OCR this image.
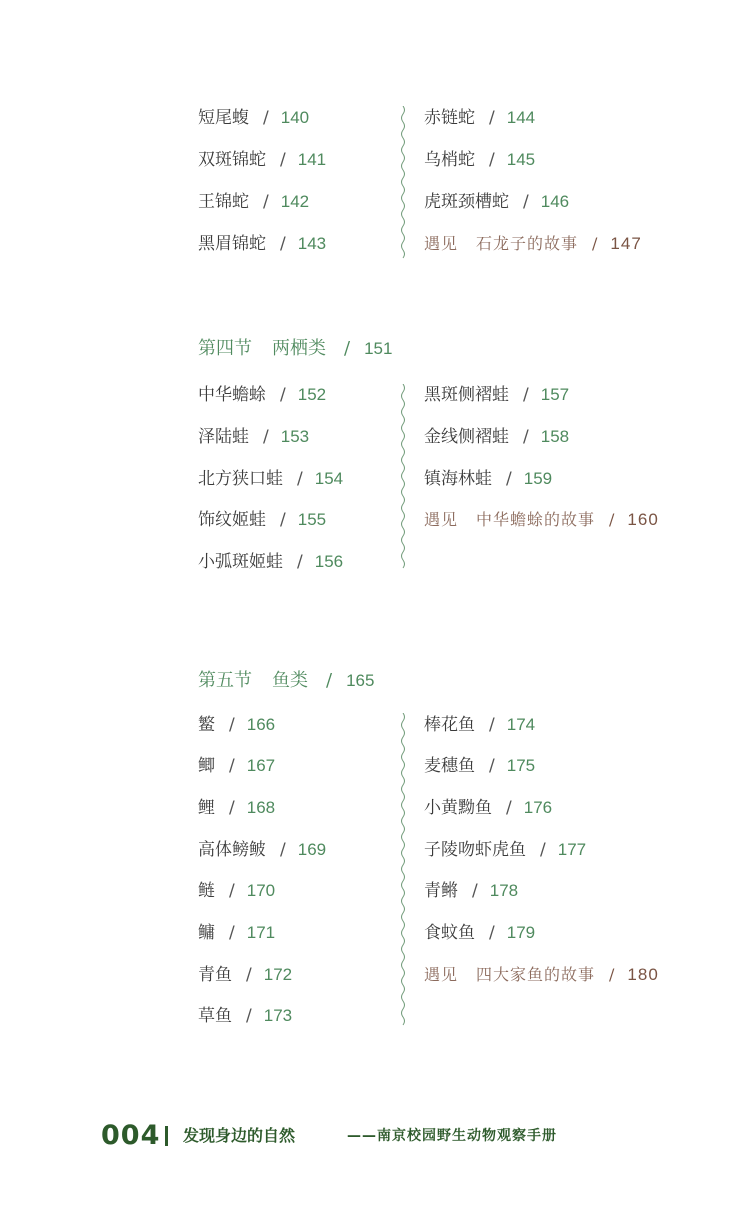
短尾蝮 / 140
双斑锦蛇 / 141
王锦蛇 / 142
黑眉锦蛇 / 143
赤链蛇 / 144
乌梢蛇 / 145
虎斑颈槽蛇 / 146
遇见 石龙子的故事 / 147
第四节 两栖类 / 151
中华蟾蜍 / 152
泽陆蛙 / 153
北方狭口蛙 / 154
饰纹姬蛙 / 155
小弧斑姬蛙 / 156
黑斑侧褶蛙 / 157
金线侧褶蛙 / 158
镇海林蛙 / 159
遇见 中华蟾蜍的故事 / 160
第五节 鱼类 / 165
鳘 / 166
鲫 / 167
鲤 / 168
高体鳑鲏 / 169
鲢 / 170
鳙 / 171
青鱼 / 172
草鱼 / 173
棒花鱼 / 174
麦穗鱼 / 175
小黄黝鱼 / 176
子陵吻虾虎鱼 / 177
青鳉 / 178
食蚊鱼 / 179
遇见 四大家鱼的故事 / 180
004 发现身边的自然	——南京校园野生动物观察手册
